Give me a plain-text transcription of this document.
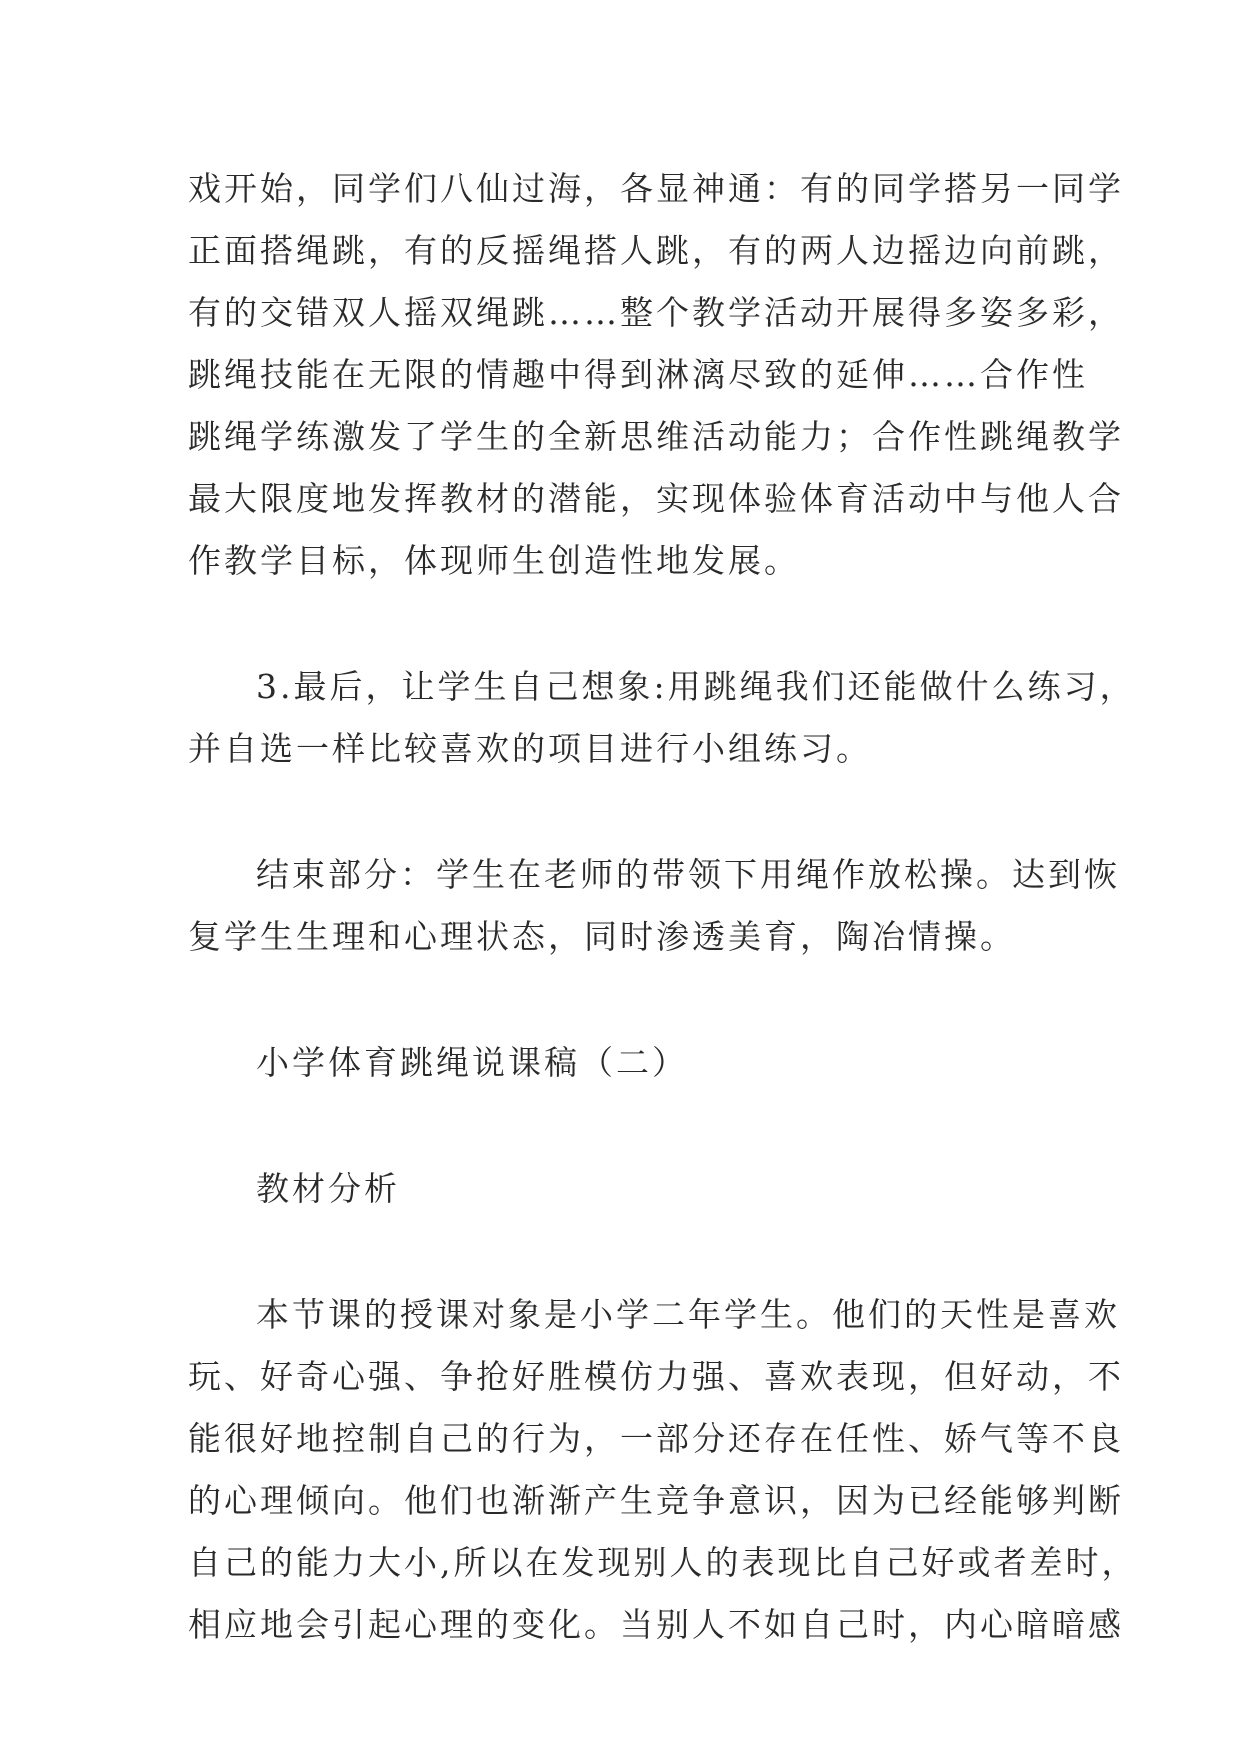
戏开始，同学们八仙过海，各显神通：有的同学搭另一同学
正面搭绳跳，有的反摇绳搭人跳，有的两人边摇边向前跳，
有的交错双人摇双绳跳……整个教学活动开展得多姿多彩，
跳绳技能在无限的情趣中得到淋漓尽致的延伸……合作性
跳绳学练激发了学生的全新思维活动能力；合作性跳绳教学
最大限度地发挥教材的潜能，实现体验体育活动中与他人合
作教学目标，体现师生创造性地发展。
3.最后，让学生自己想象:用跳绳我们还能做什么练习，
并自选一样比较喜欢的项目进行小组练习。
结束部分：学生在老师的带领下用绳作放松操。达到恢
复学生生理和心理状态，同时渗透美育，陶冶情操。
小学体育跳绳说课稿（二）
教材分析
本节课的授课对象是小学二年学生。他们的天性是喜欢
玩、好奇心强、争抢好胜模仿力强、喜欢表现，但好动，不
能很好地控制自己的行为，一部分还存在任性、娇气等不良
的心理倾向。他们也渐渐产生竞争意识，因为已经能够判断
自己的能力大小,所以在发现别人的表现比自己好或者差时，
相应地会引起心理的变化。当别人不如自己时，内心暗暗感
